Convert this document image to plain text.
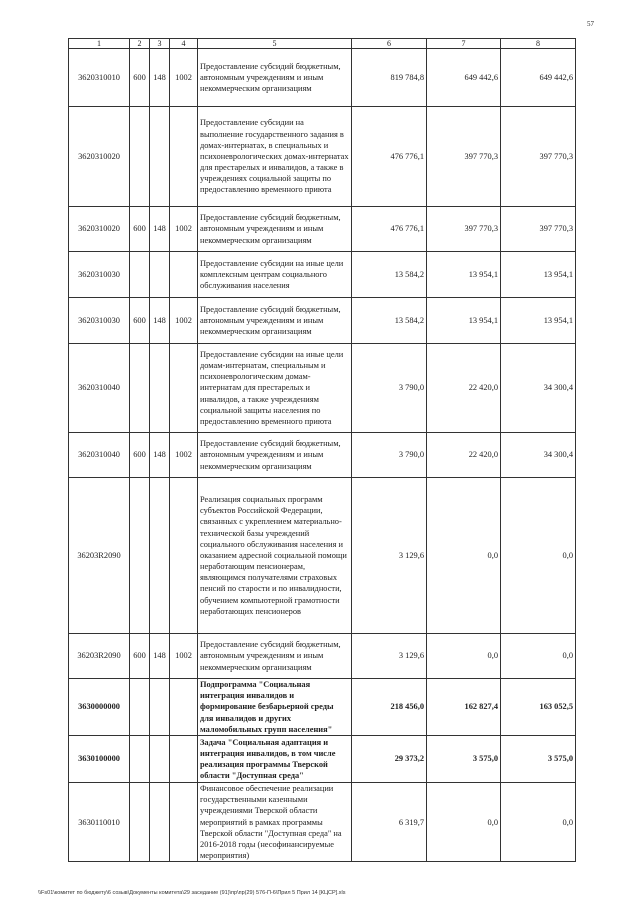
57
1	2	3	4	5	6	7	8
3620310010	600	148	1002	Предоставление субсидий бюджетным, автономным учреждениям и иным некоммерческим организациям	819 784,8	649 442,6	649 442,6
3620310020				Предоставление субсидии на выполнение государственного задания в домах-интернатах, в специальных и психоневрологических домах-интернатах для престарелых и инвалидов, а также в учреждениях социальной защиты по предоставлению временного приюта	476 776,1	397 770,3	397 770,3
3620310020	600	148	1002	Предоставление субсидий бюджетным, автономным учреждениям и иным некоммерческим организациям	476 776,1	397 770,3	397 770,3
3620310030				Предоставление субсидии на иные цели комплексным центрам социального обслуживания населения	13 584,2	13 954,1	13 954,1
3620310030	600	148	1002	Предоставление субсидий бюджетным, автономным учреждениям и иным некоммерческим организациям	13 584,2	13 954,1	13 954,1
3620310040				Предоставление субсидии на иные цели домам-интернатам, специальным и психоневрологическим домам-интернатам для престарелых и инвалидов, а также учреждениям социальной защиты населения по предоставлению временного приюта	3 790,0	22 420,0	34 300,4
3620310040	600	148	1002	Предоставление субсидий бюджетным, автономным учреждениям и иным некоммерческим организациям	3 790,0	22 420,0	34 300,4
36203R2090				Реализация социальных программ субъектов Российской Федерации, связанных с укреплением материально-технической базы учреждений социального обслуживания населения и оказанием адресной социальной помощи неработающим пенсионерам, являющимся получателями страховых пенсий по старости и по инвалидности, обучением компьютерной грамотности неработающих пенсионеров	3 129,6	0,0	0,0
36203R2090	600	148	1002	Предоставление субсидий бюджетным, автономным учреждениям и иным некоммерческим организациям	3 129,6	0,0	0,0
3630000000				Подпрограмма "Социальная интеграция инвалидов и формирование безбарьерной среды для инвалидов и других маломобильных групп населения"	218 456,0	162 827,4	163 052,5
3630100000				Задача "Социальная адаптация и интеграция инвалидов, в том числе реализация программы Тверской области "Доступная среда"	29 373,2	3 575,0	3 575,0
3630110010				Финансовое обеспечение реализации государственными казенными учреждениями Тверской области мероприятий в рамках программы Тверской области "Доступная среда" на 2016-2018 годы (несофинансируемые мероприятия)	6 319,7	0,0	0,0
\\Fs01\комитет по бюджету\6 созыв\Документы комитета\29 заседание (91)\пр\пр(29) 576-П-6\Прил 5 Прил 14 [КЦСР].xls
